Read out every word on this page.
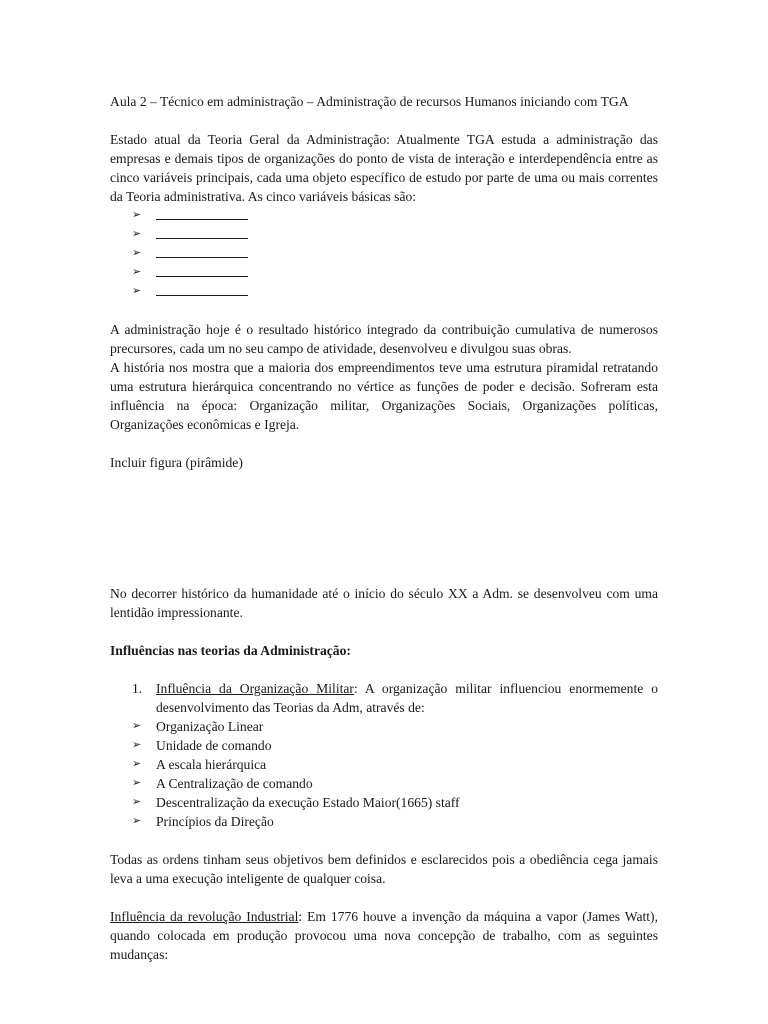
Aula 2 – Técnico em administração – Administração de recursos Humanos iniciando com TGA

Estado atual da Teoria Geral da Administração: Atualmente TGA estuda a administração das empresas e demais tipos de organizações do ponto de vista de interação e interdependência entre as cinco variáveis principais, cada uma objeto específico de estudo por parte de uma ou mais correntes da Teoria administrativa. As cinco variáveis básicas são:

➢
➢
➢
➢
➢

A administração hoje é o resultado histórico integrado da contribuição cumulativa de numerosos precursores, cada um no seu campo de atividade, desenvolveu e divulgou suas obras.

A história nos mostra que a maioria dos empreendimentos teve uma estrutura piramidal retratando uma estrutura hierárquica concentrando no vértice as funções de poder e decisão. Sofreram esta influência na época: Organização militar, Organizações Sociais, Organizações políticas, Organizações econômicas e Igreja.

Incluir figura (pirâmide)

No decorrer histórico da humanidade até o início do século XX a Adm. se desenvolveu com uma lentidão impressionante.

Influências nas teorias da Administração:

1. Influência da Organização Militar: A organização militar influenciou enormemente o desenvolvimento das Teorias da Adm, através de:
➢ Organização Linear
➢ Unidade de comando
➢ A escala hierárquica
➢ A Centralização de comando
➢ Descentralização da execução Estado Maior(1665) staff
➢ Princípios da Direção

Todas as ordens tinham seus objetivos bem definidos e esclarecidos pois a obediência cega jamais leva a uma execução inteligente de qualquer coisa.

Influência da revolução Industrial: Em 1776 houve a invenção da máquina a vapor (James Watt), quando colocada em produção provocou uma nova concepção de trabalho, com as seguintes mudanças:
